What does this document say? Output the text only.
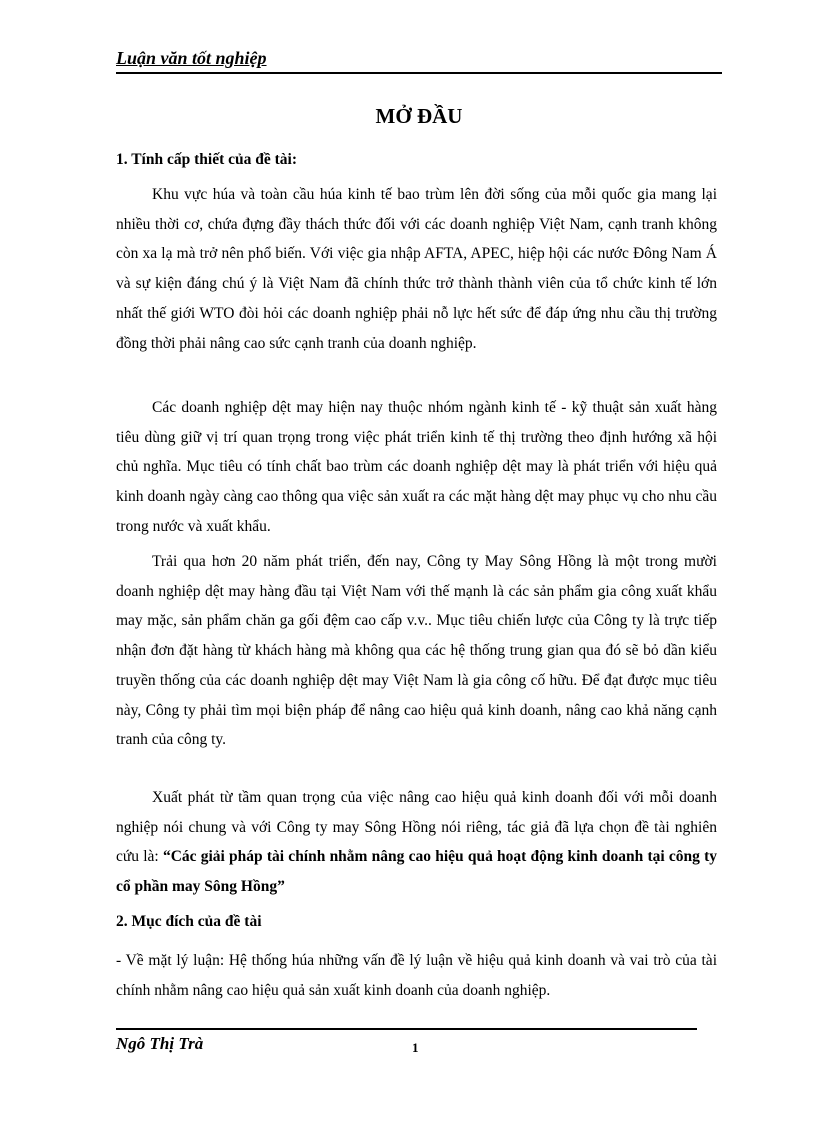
Luận văn tốt nghiệp
MỞ ĐẦU
1. Tính cấp thiết của đề tài:

Khu vực húa và toàn cầu húa kinh tế bao trùm lên đời sống của mỗi quốc gia mang lại nhiều thời cơ, chứa đựng đầy thách thức đối với các doanh nghiệp Việt Nam, cạnh tranh không còn xa lạ mà trở nên phổ biến. Với việc gia nhập AFTA, APEC, hiệp hội các nước Đông Nam Á và sự kiện đáng chú ý là Việt Nam đã chính thức trở thành thành viên của tổ chức kinh tế lớn nhất thế giới WTO đòi hỏi các doanh nghiệp phải nỗ lực hết sức để đáp ứng nhu cầu thị trường đồng thời phải nâng cao sức cạnh tranh của doanh nghiệp.

Các doanh nghiệp dệt may hiện nay thuộc nhóm ngành kinh tế - kỹ thuật sản xuất hàng tiêu dùng giữ vị trí quan trọng trong việc phát triển kinh tế thị trường theo định hướng xã hội chủ nghĩa. Mục tiêu có tính chất bao trùm các doanh nghiệp dệt may là phát triển với hiệu quả kinh doanh ngày càng cao thông qua việc sản xuất ra các mặt hàng dệt may phục vụ cho nhu cầu trong nước và xuất khẩu.

Trải qua hơn 20 năm phát triển, đến nay, Công ty May Sông Hồng là một trong mười doanh nghiệp dệt may hàng đầu tại Việt Nam với thế mạnh là các sản phẩm gia công xuất khẩu may mặc, sản phẩm chăn ga gối đệm cao cấp v.v.. Mục tiêu chiến lược của Công ty là trực tiếp nhận đơn đặt hàng từ khách hàng mà không qua các hệ thống trung gian qua đó sẽ bỏ dần kiểu truyền thống của các doanh nghiệp dệt may Việt Nam là gia công cố hữu. Để đạt được mục tiêu này, Công ty phải tìm mọi biện pháp để nâng cao hiệu quả kinh doanh, nâng cao khả năng cạnh tranh của công ty.

Xuất phát từ tầm quan trọng của việc nâng cao hiệu quả kinh doanh đối với mỗi doanh nghiệp nói chung và với Công ty may Sông Hồng nói riêng, tác giả đã lựa chọn đề tài nghiên cứu là: “Các giải pháp tài chính nhằm nâng cao hiệu quả hoạt động kinh doanh tại công ty cổ phần may Sông Hồng”

2. Mục đích của đề tài

- Về mặt lý luận: Hệ thống húa những vấn đề lý luận về hiệu quả kinh doanh và vai trò của tài chính nhằm nâng cao hiệu quả sản xuất kinh doanh của doanh nghiệp.

Ngô Thị Trà	1
